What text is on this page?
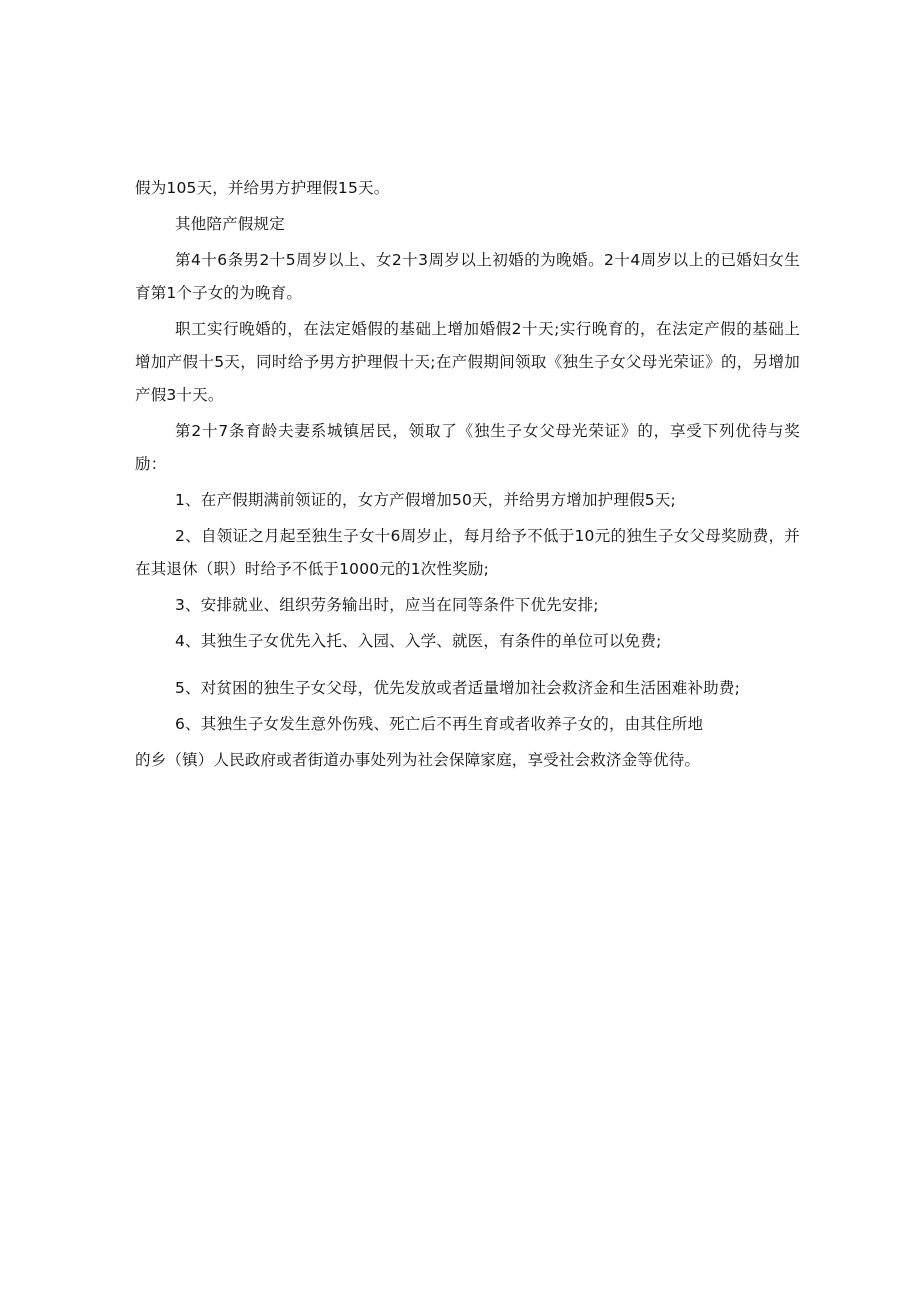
假为105天，并给男方护理假15天。

其他陪产假规定

第4十6条男2十5周岁以上、女2十3周岁以上初婚的为晚婚。2十4周岁以上的已婚妇女生育第1个子女的为晚育。

职工实行晚婚的，在法定婚假的基础上增加婚假2十天;实行晚育的，在法定产假的基础上增加产假十5天，同时给予男方护理假十天;在产假期间领取《独生子女父母光荣证》的，另增加产假3十天。

第2十7条育龄夫妻系城镇居民，领取了《独生子女父母光荣证》的，享受下列优待与奖励：

1、在产假期满前领证的，女方产假增加50天，并给男方增加护理假5天;

2、自领证之月起至独生子女十6周岁止，每月给予不低于10元的独生子女父母奖励费，并在其退休（职）时给予不低于1000元的1次性奖励;

3、安排就业、组织劳务输出时，应当在同等条件下优先安排;

4、其独生子女优先入托、入园、入学、就医，有条件的单位可以免费;

5、对贫困的独生子女父母，优先发放或者适量增加社会救济金和生活困难补助费;

6、其独生子女发生意外伤残、死亡后不再生育或者收养子女的，由其住所地

的乡（镇）人民政府或者街道办事处列为社会保障家庭，享受社会救济金等优待。
